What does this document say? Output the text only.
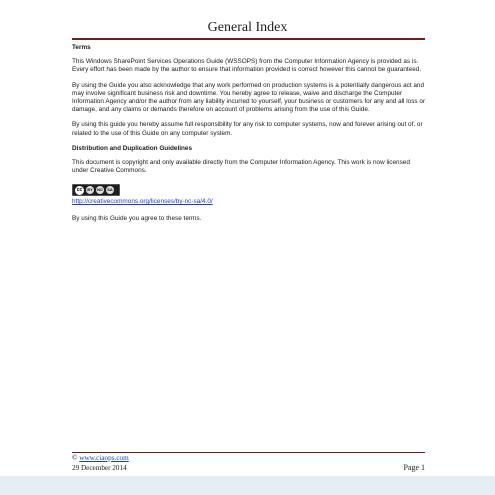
General Index

Terms

This Windows SharePoint Services Operations Guide (WSSOPS) from the Computer Information Agency is provided as is. Every effort has been made by the author to ensure that information provided is correct however this cannot be guaranteed.

By using the Guide you also acknowledge that any work performed on production systems is a potentially dangerous act and may involve significant business risk and downtime. You hereby agree to release, waive and discharge the Computer Information Agency and/or the author from any liability incurred to yourself, your business or customers for any and all loss or damage, and any claims or demands therefore on account of problems arising from the use of this Guide.

By using this guide you hereby assume full responsibility for any risk to computer systems, now and forever arising out of, or related to the use of this Guide on any computer system.

Distribution and Duplication Guidelines

This document is copyright and only available directly from the Computer Information Agency. This work is now licensed under Creative Commons.

cc	BY	NC	SA
http://creativecommons.org/licenses/by-nc-sa/4.0/

By using this Guide you agree to these terms.

© www.ciaops.com
29 December 2014	Page 1
